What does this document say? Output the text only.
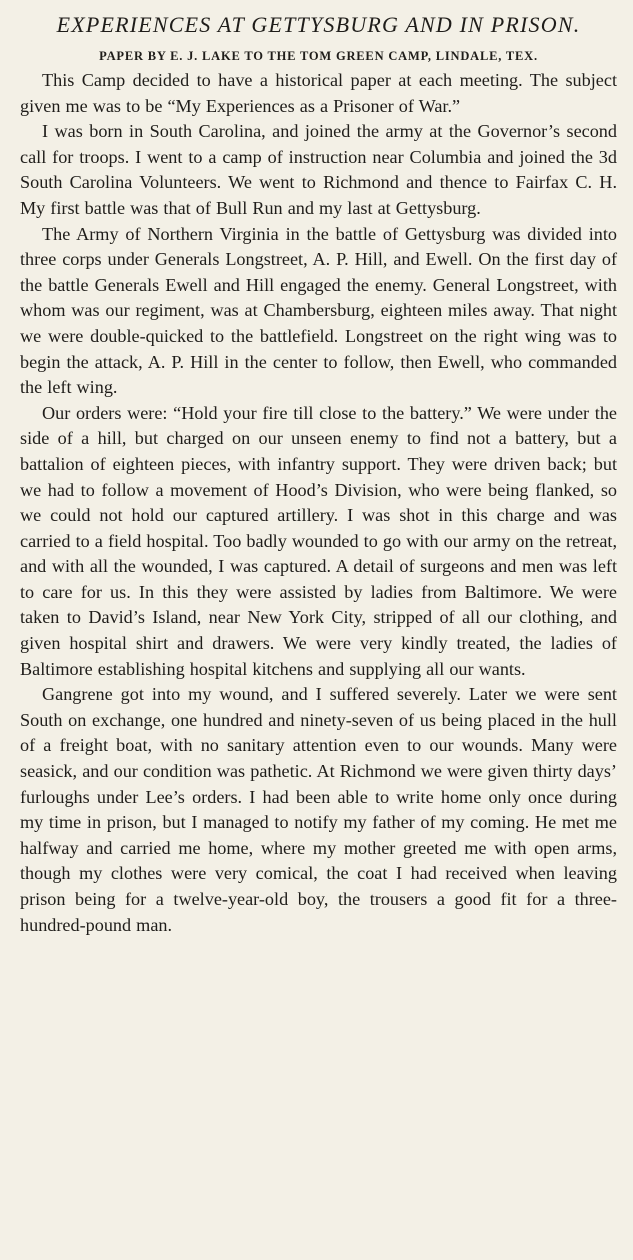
EXPERIENCES AT GETTYSBURG AND IN PRISON.
PAPER BY E. J. LAKE TO THE TOM GREEN CAMP, LINDALE, TEX.

This Camp decided to have a historical paper at each meeting. The subject given me was to be “My Experiences as a Prisoner of War.”

I was born in South Carolina, and joined the army at the Governor’s second call for troops. I went to a camp of instruction near Columbia and joined the 3d South Carolina Volunteers. We went to Richmond and thence to Fairfax C. H. My first battle was that of Bull Run and my last at Gettysburg.

The Army of Northern Virginia in the battle of Gettysburg was divided into three corps under Generals Longstreet, A. P. Hill, and Ewell. On the first day of the battle Generals Ewell and Hill engaged the enemy. General Longstreet, with whom was our regiment, was at Chambersburg, eighteen miles away. That night we were double-quicked to the battlefield. Longstreet on the right wing was to begin the attack, A. P. Hill in the center to follow, then Ewell, who commanded the left wing.

Our orders were: “Hold your fire till close to the battery.” We were under the side of a hill, but charged on our unseen enemy to find not a battery, but a battalion of eighteen pieces, with infantry support. They were driven back; but we had to follow a movement of Hood’s Division, who were being flanked, so we could not hold our captured artillery. I was shot in this charge and was carried to a field hospital. Too badly wounded to go with our army on the retreat, and with all the wounded, I was captured. A detail of surgeons and men was left to care for us. In this they were assisted by ladies from Baltimore. We were taken to David’s Island, near New York City, stripped of all our clothing, and given hospital shirt and drawers. We were very kindly treated, the ladies of Baltimore establishing hospital kitchens and supplying all our wants.

Gangrene got into my wound, and I suffered severely. Later we were sent South on exchange, one hundred and ninety-seven of us being placed in the hull of a freight boat, with no sanitary attention even to our wounds. Many were seasick, and our condition was pathetic. At Richmond we were given thirty days’ furloughs under Lee’s orders. I had been able to write home only once during my time in prison, but I managed to notify my father of my coming. He met me halfway and carried me home, where my mother greeted me with open arms, though my clothes were very comical, the coat I had received when leaving prison being for a twelve-year-old boy, the trousers a good fit for a three-hundred-pound man.
